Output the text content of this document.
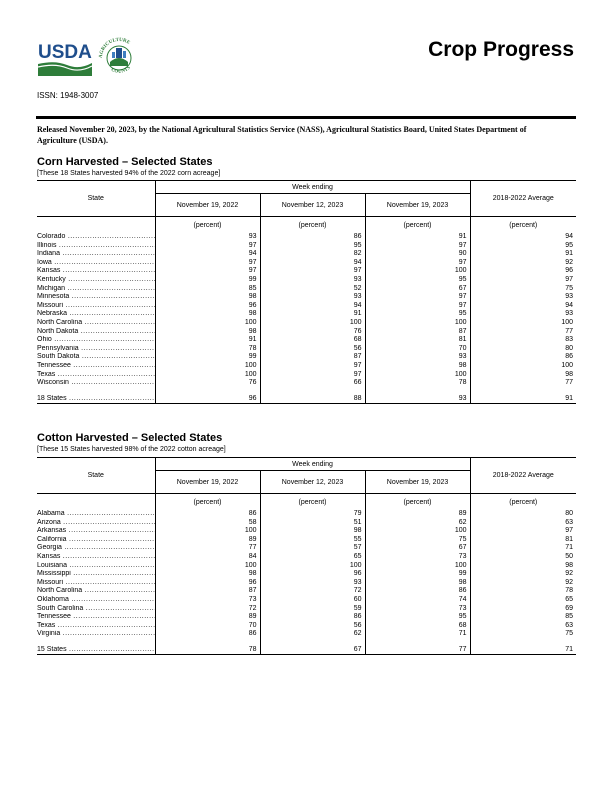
USDA AGRICULTURE
COUNTS
Crop Progress
ISSN: 1948-3007
Released November 20, 2023, by the National Agricultural Statistics Service (NASS), Agricultural Statistics Board, United States Department of Agriculture (USDA).
Corn Harvested – Selected States
[These 18 States harvested 94% of the 2022 corn acreage]
State	Week ending			2018-2022 Average
	November 19, 2022	November 12, 2023	November 19, 2023	
	(percent)	(percent)	(percent)	(percent)
Colorado .....	93	86	91	94
Illinois .....	97	95	97	95
Indiana .....	94	82	90	91
Iowa .....	97	94	97	92
Kansas .....	97	97	100	96
Kentucky .....	99	93	95	97
Michigan .....	85	52	67	75
Minnesota .....	98	93	97	93
Missouri .....	96	94	97	94
Nebraska .....	98	91	95	93
North Carolina .....	100	100	100	100
North Dakota .....	98	76	87	77
Ohio .....	91	68	81	83
Pennsylvania .....	78	56	70	80
South Dakota .....	99	87	93	86
Tennessee .....	100	97	98	100
Texas .....	100	97	100	98
Wisconsin .....	76	66	78	77

18 States .....	96	88	93	91
Cotton Harvested – Selected States
[These 15 States harvested 98% of the 2022 cotton acreage]
State	Week ending			2018-2022 Average
	November 19, 2022	November 12, 2023	November 19, 2023	
	(percent)	(percent)	(percent)	(percent)
Alabama .....	86	79	89	80
Arizona .....	58	51	62	63
Arkansas .....	100	98	100	97
California .....	89	55	75	81
Georgia .....	77	57	67	71
Kansas .....	84	65	73	50
Louisiana .....	100	100	100	98
Mississippi .....	98	96	99	92
Missouri .....	96	93	98	92
North Carolina .....	87	72	86	78
Oklahoma .....	73	60	74	65
South Carolina .....	72	59	73	69
Tennessee .....	89	86	95	85
Texas .....	70	56	68	63
Virginia .....	86	62	71	75

15 States .....	78	67	77	71
